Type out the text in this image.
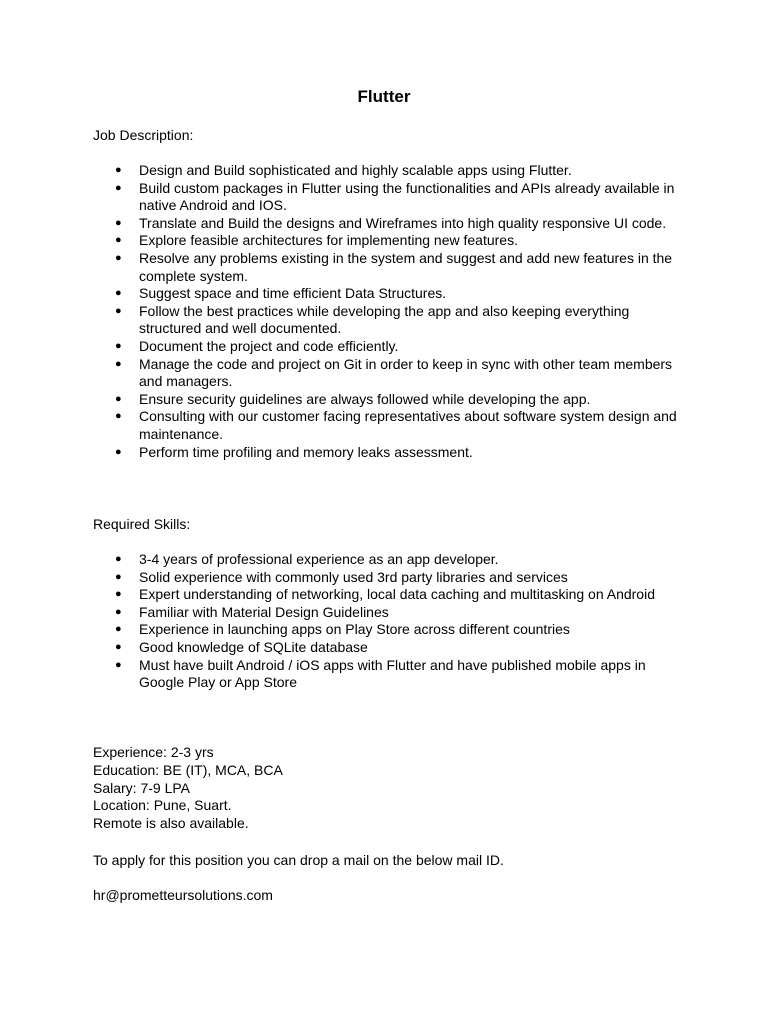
Flutter
Job Description:
● Design and Build sophisticated and highly scalable apps using Flutter.
● Build custom packages in Flutter using the functionalities and APIs already available in native Android and IOS.
● Translate and Build the designs and Wireframes into high quality responsive UI code.
● Explore feasible architectures for implementing new features.
● Resolve any problems existing in the system and suggest and add new features in the complete system.
● Suggest space and time efficient Data Structures.
● Follow the best practices while developing the app and also keeping everything structured and well documented.
● Document the project and code efficiently.
● Manage the code and project on Git in order to keep in sync with other team members and managers.
● Ensure security guidelines are always followed while developing the app.
● Consulting with our customer facing representatives about software system design and maintenance.
● Perform time profiling and memory leaks assessment.
Required Skills:
● 3-4 years of professional experience as an app developer.
● Solid experience with commonly used 3rd party libraries and services
● Expert understanding of networking, local data caching and multitasking on Android
● Familiar with Material Design Guidelines
● Experience in launching apps on Play Store across different countries
● Good knowledge of SQLite database
● Must have built Android / iOS apps with Flutter and have published mobile apps in Google Play or App Store
Experience: 2-3 yrs
Education: BE (IT), MCA, BCA
Salary: 7-9 LPA
Location: Pune, Suart.
Remote is also available.
To apply for this position you can drop a mail on the below mail ID.
hr@prometteursolutions.com
